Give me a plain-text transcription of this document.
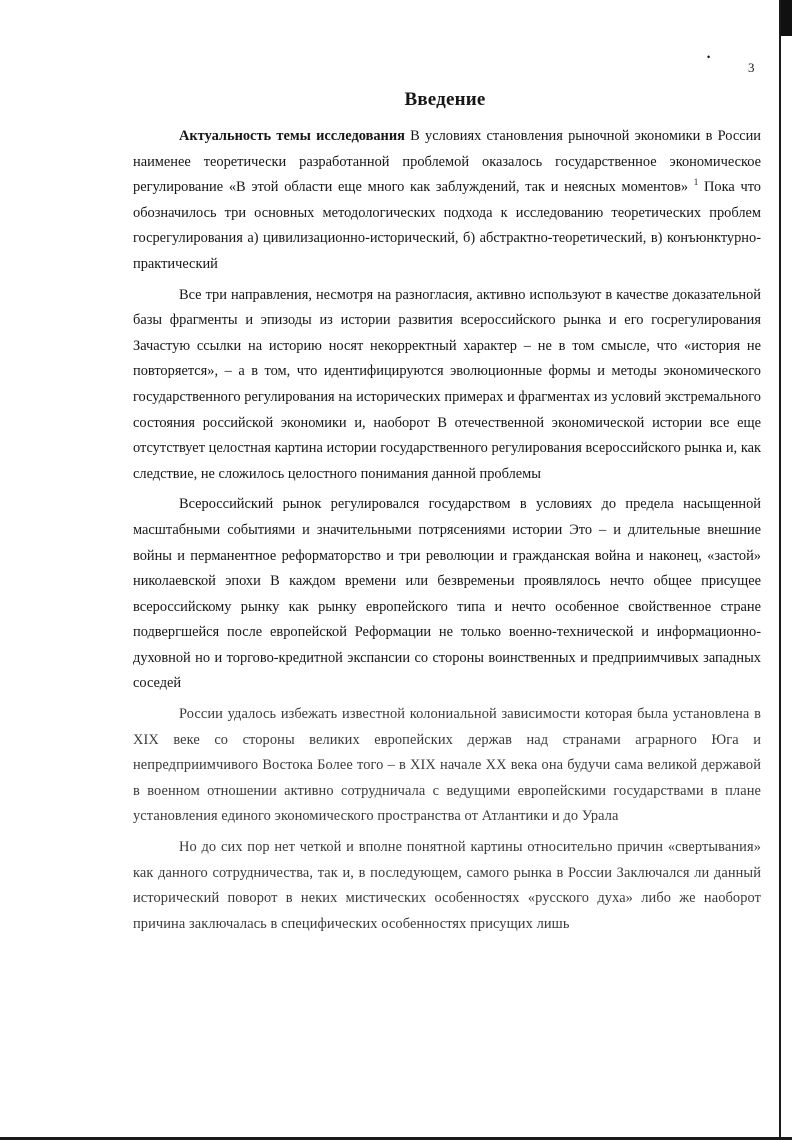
•
3
Введение

Актуальность темы исследования В условиях становления рыночной экономики в России наименее теоретически разработанной проблемой оказалось государственное экономическое регулирование «В этой области еще много как заблуждений, так и неясных моментов» $^1$ Пока что обозначилось три основных методологических подхода к исследованию теоретических проблем госрегулирования а) цивилизационно-исторический, б) абстрактно-теоретический, в) конъюнктурно-практический

Все три направления, несмотря на разногласия, активно используют в качестве доказательной базы фрагменты и эпизоды из истории развития всероссийского рынка и его госрегулирования Зачастую ссылки на историю носят некорректный характер – не в том смысле, что «история не повторяется», – а в том, что идентифицируются эволюционные формы и методы экономического государственного регулирования на исторических примерах и фрагментах из условий экстремального состояния российской экономики и, наоборот В отечественной экономической истории все еще отсутствует целостная картина истории государственного регулирования всероссийского рынка и, как следствие, не сложилось целостного понимания данной проблемы

Всероссийский рынок регулировался государством в условиях до предела насыщенной масштабными событиями и значительными потрясениями истории Это – и длительные внешние войны и перманентное реформаторство и три революции и гражданская война и наконец, «застой» николаевской эпохи В каждом времени или безвременьи проявлялось нечто общее присущее всероссийскому рынку как рынку европейского типа и нечто особенное свойственное стране подвергшейся после европейской Реформации не только военно-технической и информационно-духовной но и торгово-кредитной экспансии со стороны воинственных и предприимчивых западных соседей

России удалось избежать известной колониальной зависимости которая была установлена в XIX веке со стороны великих европейских держав над странами аграрного Юга и непредприимчивого Востока Более того – в XIX начале XX века она будучи сама великой державой в военном отношении активно сотрудничала с ведущими европейскими государствами в плане установления единого экономического пространства от Атлантики и до Урала

Но до сих пор нет четкой и вполне понятной картины относительно причин «свертывания» как данного сотрудничества, так и, в последующем, самого рынка в России Заключался ли данный исторический поворот в неких мистических особенностях «русского духа» либо же наоборот причина заключалась в специфических особенностях присущих лишь
